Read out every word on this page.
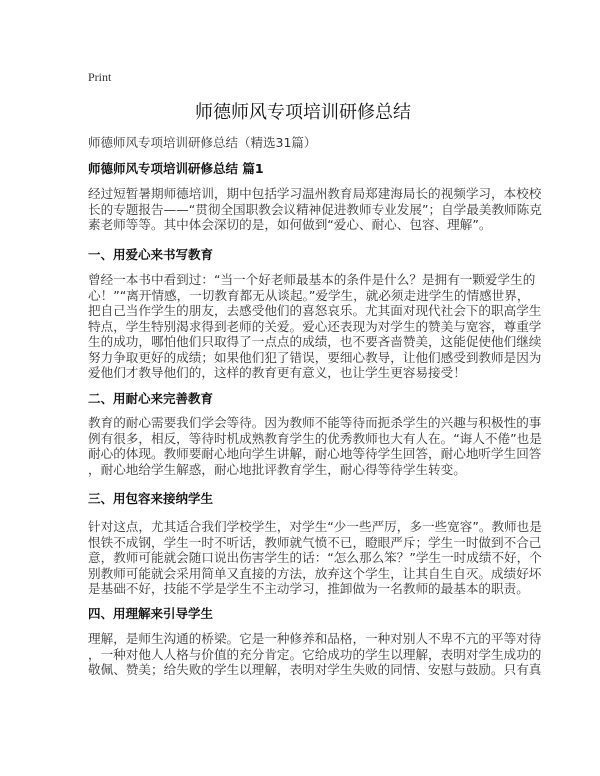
Print
师德师风专项培训研修总结
师德师风专项培训研修总结（精选31篇）
师德师风专项培训研修总结 篇1
经过短暂暑期师德培训，期中包括学习温州教育局郑建海局长的视频学习，本校校
长的专题报告——“贯彻全国职教会议精神促进教师专业发展”；自学最美教师陈克
素老师等等。其中体会深切的是，如何做到“爱心、耐心、包容、理解”。
一、用爱心来书写教育
曾经一本书中看到过：“当一个好老师最基本的条件是什么？是拥有一颗爱学生的
心！”“离开情感，一切教育都无从谈起。”爱学生，就必须走进学生的情感世界，
把自己当作学生的朋友，去感受他们的喜怒哀乐。尤其面对现代社会下的职高学生
特点，学生特别渴求得到老师的关爱。爱心还表现为对学生的赞美与宽容，尊重学
生的成功，哪怕他们只取得了一点点的成绩，也不要吝啬赞美，这能促使他们继续
努力争取更好的成绩；如果他们犯了错误，要细心教导，让他们感受到教师是因为
爱他们才教导他们的，这样的教育更有意义，也让学生更容易接受！
二、用耐心来完善教育
教育的耐心需要我们学会等待。因为教师不能等待而扼杀学生的兴趣与积极性的事
例有很多，相反，等待时机成熟教育学生的优秀教师也大有人在。“诲人不倦”也是
耐心的体现。教师要耐心地向学生讲解，耐心地等待学生回答，耐心地听学生回答
，耐心地给学生解惑，耐心地批评教育学生，耐心得等待学生转变。
三、用包容来接纳学生
针对这点，尤其适合我们学校学生，对学生“少一些严厉，多一些宽容”。教师也是
恨铁不成钢，学生一时不听话，教师就气愤不已，瞪眼严斥；学生一时做到不合己
意，教师可能就会随口说出伤害学生的话：“怎么那么笨？”学生一时成绩不好，个
别教师可能就会采用简单又直接的方法，放弃这个学生，让其自生自灭。成绩好坏
是基础不好，技能不学是学生不主动学习，推卸做为一名教师的最基本的职责。
四、用理解来引导学生
理解，是师生沟通的桥梁。它是一种修养和品格，一种对别人不卑不亢的平等对待
，一种对他人人格与价值的充分肯定。它给成功的学生以理解，表明对学生成功的
敬佩、赞美；给失败的学生以理解，表明对学生失败的同情、安慰与鼓励。只有真
